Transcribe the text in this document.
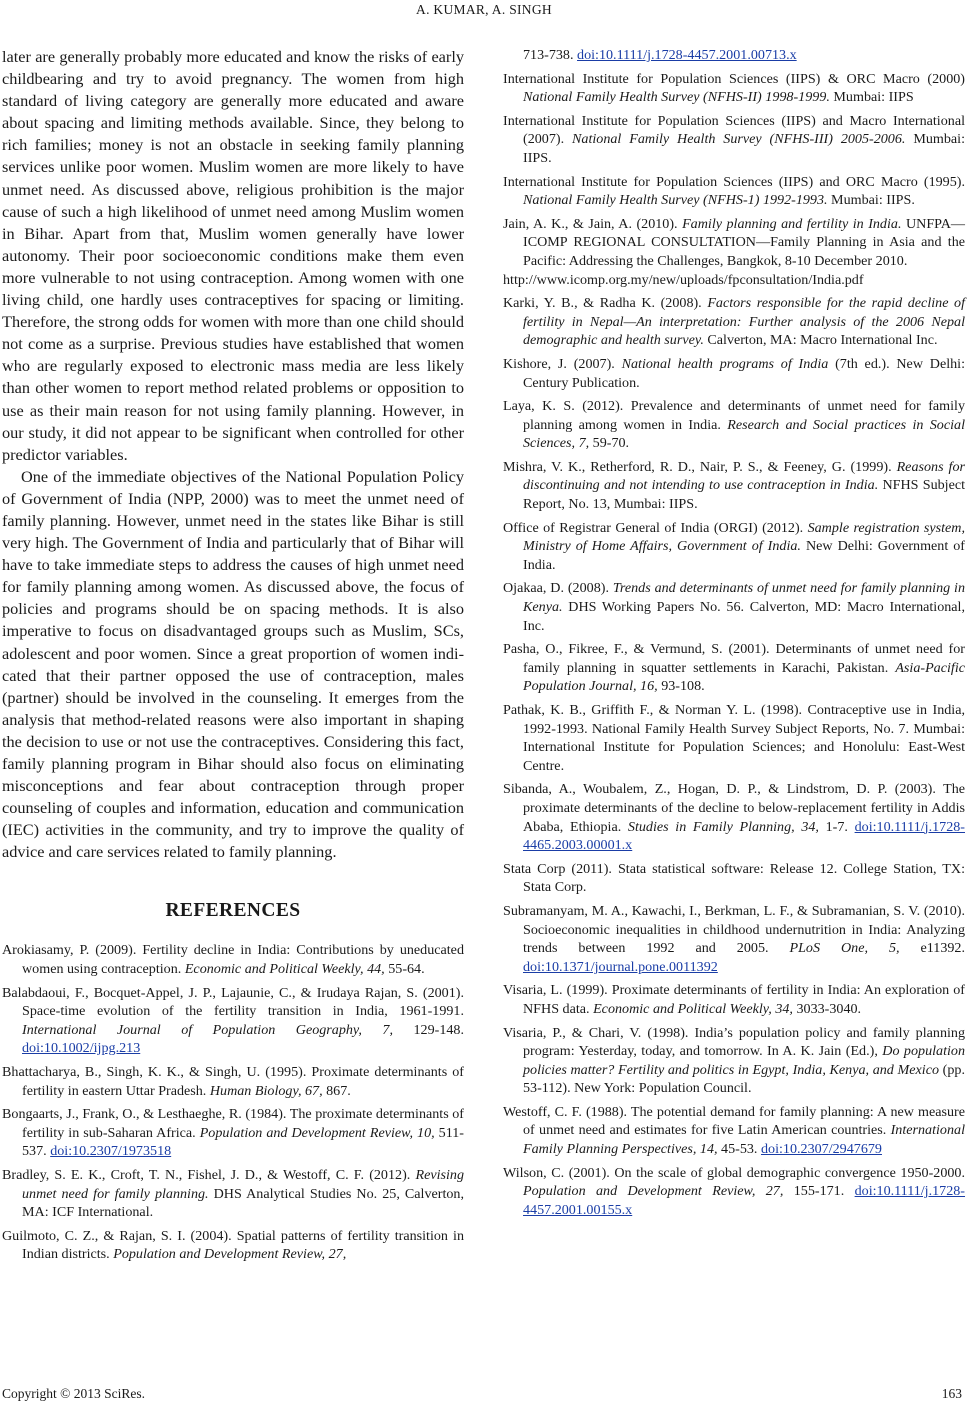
A. KUMAR, A. SINGH

later are generally probably more educated and know the risks of early childbearing and try to avoid pregnancy. The women from high standard of living category are generally more educated and aware about spacing and limiting methods available. Since, they belong to rich families; money is not an obstacle in seeking family planning services unlike poor women. Muslim women are more likely to have unmet need. As discussed above, religious prohibition is the major cause of such a high likelihood of unmet need among Muslim women in Bihar. Apart from that, Muslim women generally have lower autonomy. Their poor socioeconomic conditions make them even more vulnerable to not using contraception. Among women with one living child, one hardly uses contraceptives for spacing or limiting. Therefore, the strong odds for women with more than one child should not come as a surprise. Previous studies have established that women who are regularly exposed to electronic mass media are less likely than other women to report method related problems or opposition to use as their main reason for not using family planning. However, in our study, it did not appear to be significant when controlled for other predictor variables.

One of the immediate objectives of the National Population Policy of Government of India (NPP, 2000) was to meet the unmet need of family planning. However, unmet need in the states like Bihar is still very high. The Government of India and particularly that of Bihar will have to take immediate steps to address the causes of high unmet need for family planning among women. As discussed above, the focus of policies and programs should be on spacing methods. It is also imperative to focus on disadvantaged groups such as Muslim, SCs, adolescent and poor women. Since a great proportion of women indicated that their partner opposed the use of contraception, males (partner) should be involved in the counseling. It emerges from the analysis that method-related reasons were also important in shaping the decision to use or not use the contraceptives. Considering this fact, family planning program in Bihar should also focus on eliminating misconceptions and fear about contraception through proper counseling of couples and information, education and communication (IEC) activities in the community, and try to improve the quality of advice and care services related to family planning.

REFERENCES

Arokiasamy, P. (2009). Fertility decline in India: Contributions by uneducated women using contraception. Economic and Political Weekly, 44, 55-64.

Balabdaoui, F., Bocquet-Appel, J. P., Lajaunie, C., & Irudaya Rajan, S. (2001). Space-time evolution of the fertility transition in India, 1961-1991. International Journal of Population Geography, 7, 129-148. doi:10.1002/ijpg.213

Bhattacharya, B., Singh, K. K., & Singh, U. (1995). Proximate determinants of fertility in eastern Uttar Pradesh. Human Biology, 67, 867.

Bongaarts, J., Frank, O., & Lesthaeghe, R. (1984). The proximate determinants of fertility in sub-Saharan Africa. Population and Development Review, 10, 511-537. doi:10.2307/1973518

Bradley, S. E. K., Croft, T. N., Fishel, J. D., & Westoff, C. F. (2012). Revising unmet need for family planning. DHS Analytical Studies No. 25, Calverton, MA: ICF International.

Guilmoto, C. Z., & Rajan, S. I. (2004). Spatial patterns of fertility transition in Indian districts. Population and Development Review, 27,

713-738. doi:10.1111/j.1728-4457.2001.00713.x

International Institute for Population Sciences (IIPS) & ORC Macro (2000) National Family Health Survey (NFHS-II) 1998-1999. Mumbai: IIPS

International Institute for Population Sciences (IIPS) and Macro International (2007). National Family Health Survey (NFHS-III) 2005-2006. Mumbai: IIPS.

International Institute for Population Sciences (IIPS) and ORC Macro (1995). National Family Health Survey (NFHS-1) 1992-1993. Mumbai: IIPS.

Jain, A. K., & Jain, A. (2010). Family planning and fertility in India. UNFPA—ICOMP REGIONAL CONSULTATION—Family Planning in Asia and the Pacific: Addressing the Challenges, Bangkok, 8-10 December 2010.
http://www.icomp.org.my/new/uploads/fpconsultation/India.pdf

Karki, Y. B., & Radha K. (2008). Factors responsible for the rapid decline of fertility in Nepal—An interpretation: Further analysis of the 2006 Nepal demographic and health survey. Calverton, MA: Macro International Inc.

Kishore, J. (2007). National health programs of India (7th ed.). New Delhi: Century Publication.

Laya, K. S. (2012). Prevalence and determinants of unmet need for family planning among women in India. Research and Social practices in Social Sciences, 7, 59-70.

Mishra, V. K., Retherford, R. D., Nair, P. S., & Feeney, G. (1999). Reasons for discontinuing and not intending to use contraception in India. NFHS Subject Report, No. 13, Mumbai: IIPS.

Office of Registrar General of India (ORGI) (2012). Sample registration system, Ministry of Home Affairs, Government of India. New Delhi: Government of India.

Ojakaa, D. (2008). Trends and determinants of unmet need for family planning in Kenya. DHS Working Papers No. 56. Calverton, MD: Macro International, Inc.

Pasha, O., Fikree, F., & Vermund, S. (2001). Determinants of unmet need for family planning in squatter settlements in Karachi, Pakistan. Asia-Pacific Population Journal, 16, 93-108.

Pathak, K. B., Griffith F., & Norman Y. L. (1998). Contraceptive use in India, 1992-1993. National Family Health Survey Subject Reports, No. 7. Mumbai: International Institute for Population Sciences; and Honolulu: East-West Centre.

Sibanda, A., Woubalem, Z., Hogan, D. P., & Lindstrom, D. P. (2003). The proximate determinants of the decline to below-replacement fertility in Addis Ababa, Ethiopia. Studies in Family Planning, 34, 1-7. doi:10.1111/j.1728-4465.2003.00001.x

Stata Corp (2011). Stata statistical software: Release 12. College Station, TX: Stata Corp.

Subramanyam, M. A., Kawachi, I., Berkman, L. F., & Subramanian, S. V. (2010). Socioeconomic inequalities in childhood undernutrition in India: Analyzing trends between 1992 and 2005. PLoS One, 5, e11392. doi:10.1371/journal.pone.0011392

Visaria, L. (1999). Proximate determinants of fertility in India: An exploration of NFHS data. Economic and Political Weekly, 34, 3033-3040.

Visaria, P., & Chari, V. (1998). India’s population policy and family planning program: Yesterday, today, and tomorrow. In A. K. Jain (Ed.), Do population policies matter? Fertility and politics in Egypt, India, Kenya, and Mexico (pp. 53-112). New York: Population Council.

Westoff, C. F. (1988). The potential demand for family planning: A new measure of unmet need and estimates for five Latin American countries. International Family Planning Perspectives, 14, 45-53. doi:10.2307/2947679

Wilson, C. (2001). On the scale of global demographic convergence 1950-2000. Population and Development Review, 27, 155-171. doi:10.1111/j.1728-4457.2001.00155.x

Copyright © 2013 SciRes.	163
